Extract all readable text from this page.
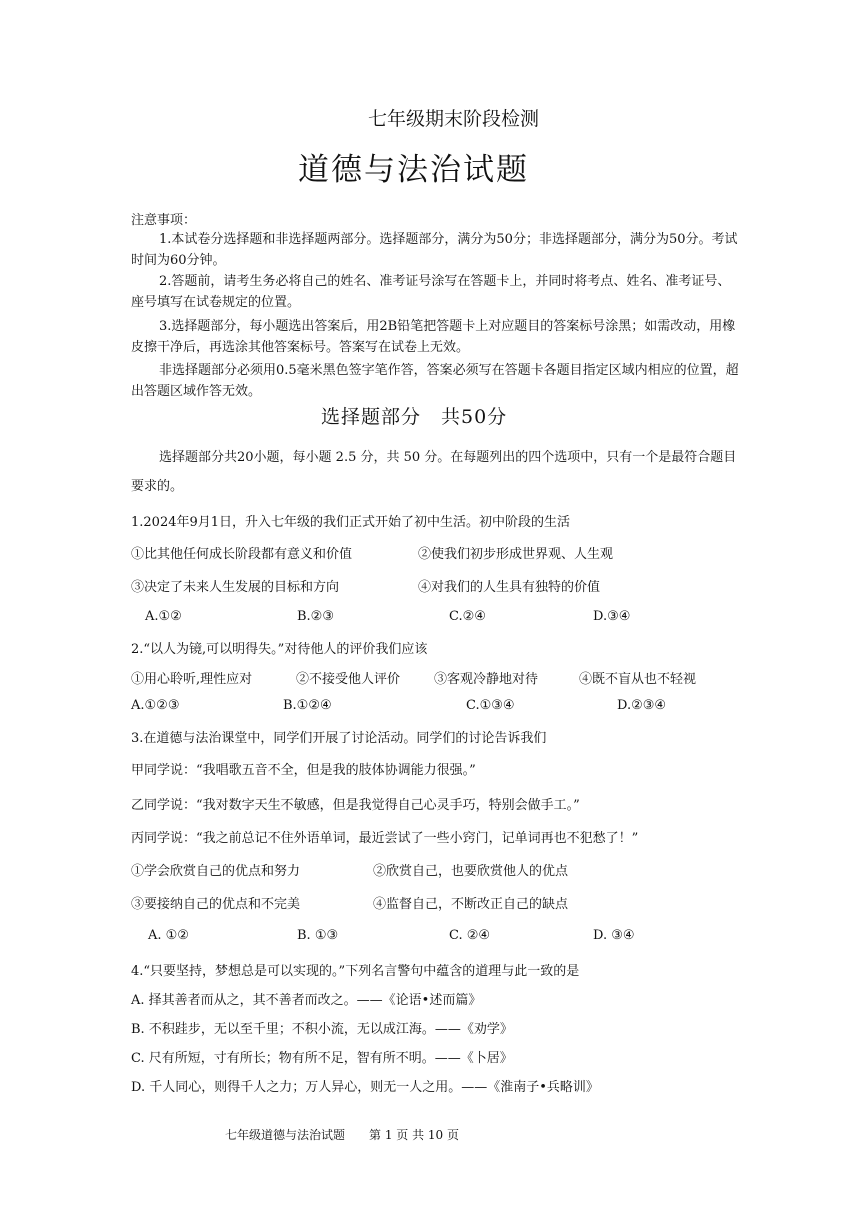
七年级期末阶段检测
道德与法治试题
注意事项：
1.本试卷分选择题和非选择题两部分。选择题部分，满分为50分；非选择题部分，满分为50分。考试时间为60分钟。
2.答题前，请考生务必将自己的姓名、准考证号涂写在答题卡上，并同时将考点、姓名、准考证号、座号填写在试卷规定的位置。
3.选择题部分，每小题选出答案后，用2B铅笔把答题卡上对应题目的答案标号涂黑；如需改动，用橡皮擦干净后，再选涂其他答案标号。答案写在试卷上无效。
非选择题部分必须用0.5毫米黑色签字笔作答，答案必须写在答题卡各题目指定区域内相应的位置，超出答题区域作答无效。
选择题部分　共50分
选择题部分共20小题，每小题 2.5 分，共 50 分。在每题列出的四个选项中，只有一个是最符合题目要求的。
1.2024年9月1日，升入七年级的我们正式开始了初中生活。初中阶段的生活
①比其他任何成长阶段都有意义和价值	②使我们初步形成世界观、人生观
③决定了未来人生发展的目标和方向	④对我们的人生具有独特的价值
A.①②	B.②③	C.②④	D.③④
2.“以人为镜,可以明得失。”对待他人的评价我们应该
①用心聆听,理性应对	②不接受他人评价	③客观冷静地对待	④既不盲从也不轻视
A.①②③	B.①②④	C.①③④	D.②③④
3.在道德与法治课堂中，同学们开展了讨论活动。同学们的讨论告诉我们
甲同学说：“我唱歌五音不全，但是我的肢体协调能力很强。”
乙同学说：“我对数字天生不敏感，但是我觉得自己心灵手巧，特别会做手工。”
丙同学说：“我之前总记不住外语单词，最近尝试了一些小窍门，记单词再也不犯愁了！”
①学会欣赏自己的优点和努力	②欣赏自己，也要欣赏他人的优点
③要接纳自己的优点和不完美	④监督自己，不断改正自己的缺点
A. ①②	B. ①③	C. ②④	D. ③④
4.“只要坚持，梦想总是可以实现的。”下列名言警句中蕴含的道理与此一致的是
A. 择其善者而从之，其不善者而改之。——《论语•述而篇》
B. 不积跬步，无以至千里；不积小流，无以成江海。——《劝学》
C. 尺有所短，寸有所长；物有所不足，智有所不明。——《卜居》
D. 千人同心，则得千人之力；万人异心，则无一人之用。——《淮南子•兵略训》
七年级道德与法治试题　　第 1 页 共 10 页
